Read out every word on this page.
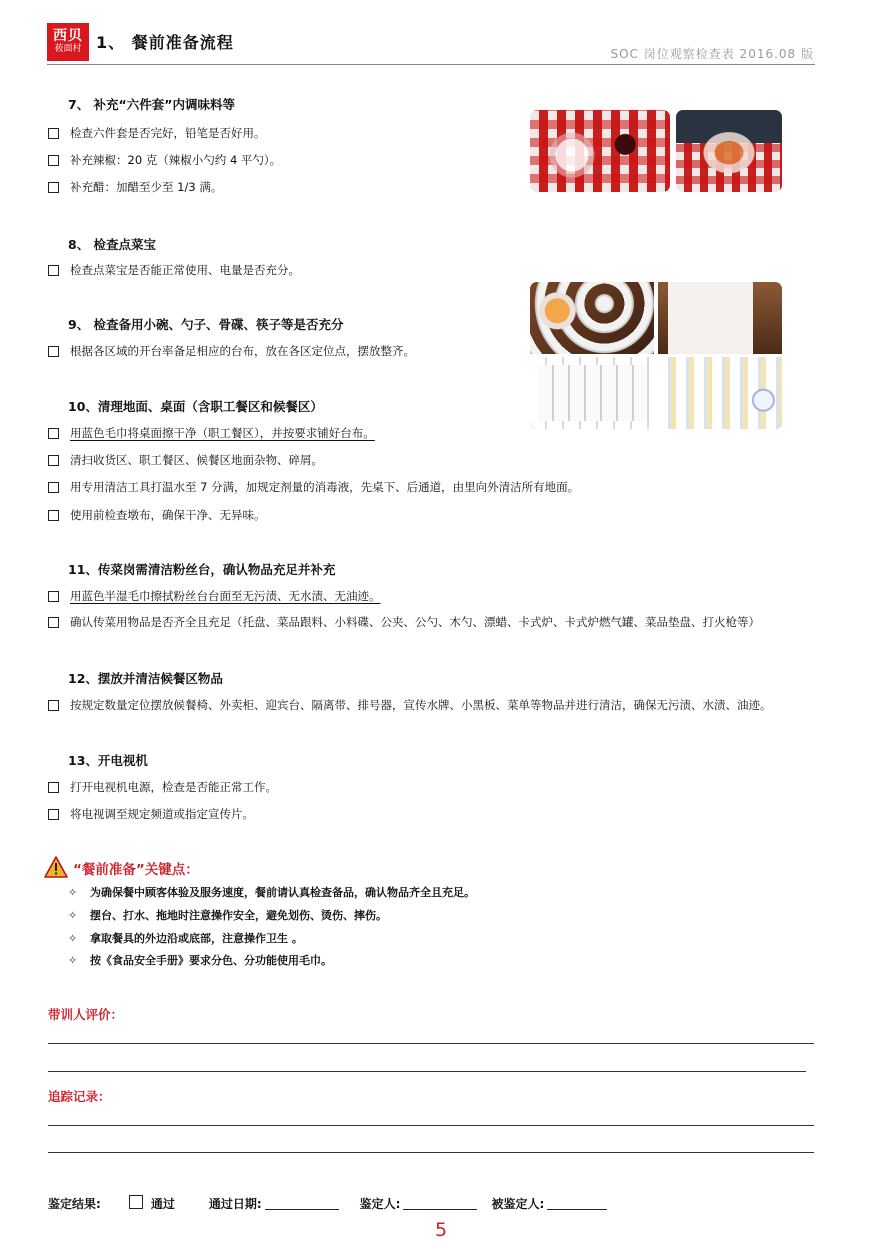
西贝
莜面村 1、 餐前准备流程
SOC 岗位观察检查表 2016.08 版
7、 补充“六件套”内调味料等
检查六件套是否完好，铅笔是否好用。
补充辣椒：20 克（辣椒小勺约 4 平勺）。
补充醋：加醋至少至 1/3 满。
8、 检查点菜宝
检查点菜宝是否能正常使用、电量是否充分。
9、 检查备用小碗、勺子、骨碟、筷子等是否充分
根据各区域的开台率备足相应的台布，放在各区定位点，摆放整齐。
10、清理地面、桌面（含职工餐区和候餐区）
用蓝色毛巾将桌面擦干净（职工餐区），并按要求铺好台布。
清扫收货区、职工餐区、候餐区地面杂物、碎屑。
用专用清洁工具打温水至 7 分满，加规定剂量的消毒液，先桌下、后通道，由里向外清洁所有地面。
使用前检查墩布，确保干净、无异味。
11、传菜岗需清洁粉丝台，确认物品充足并补充
用蓝色半湿毛巾擦拭粉丝台台面至无污渍、无水渍、无油迹。
确认传菜用物品是否齐全且充足（托盘、菜品跟料、小料碟、公夹、公勺、木勺、漂蜡、卡式炉、卡式炉燃气罐、菜品垫盘、打火枪等）
12、摆放并清洁候餐区物品
按规定数量定位摆放候餐椅、外卖柜、迎宾台、隔离带、排号器，宣传水牌、小黑板、菜单等物品并进行清洁，确保无污渍、水渍、油迹。
13、开电视机
打开电视机电源，检查是否能正常工作。
将电视调至规定频道或指定宣传片。
“餐前准备”关键点：
✧ 为确保餐中顾客体验及服务速度，餐前请认真检查备品，确认物品齐全且充足。
✧ 摆台、打水、拖地时注意操作安全，避免划伤、烫伤、摔伤。
✧ 拿取餐具的外边沿或底部，注意操作卫生 。
✧ 按《食品安全手册》要求分色、分功能使用毛巾。
带训人评价：
追踪记录：
鉴定结果:	通过	通过日期:	鉴定人:	被鉴定人:
5
